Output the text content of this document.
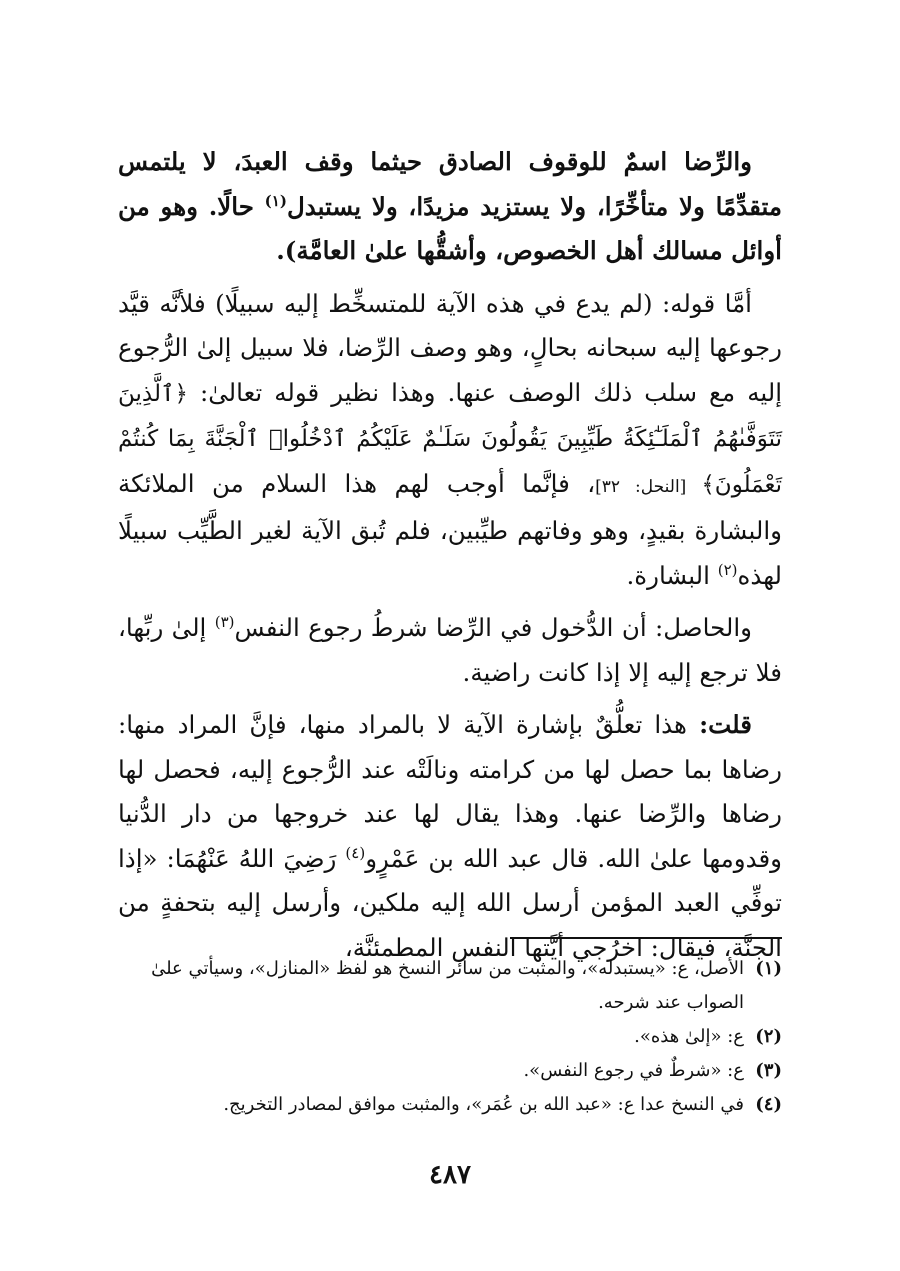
والرِّضا اسمٌ للوقوف الصادق حيثما وقف العبدَ، لا يلتمس متقدِّمًا ولا متأخِّرًا، ولا يستزيد مزيدًا، ولا يستبدل$^{(١)}$ حالًا. وهو من أوائل مسالك أهل الخصوص، وأشقُّها علىٰ العامَّة).

أمَّا قوله: (لم يدع في هذه الآية للمتسخِّط إليه سبيلًا) فلأنَّه قيَّد رجوعها إليه سبحانه بحالٍ، وهو وصف الرِّضا، فلا سبيل إلىٰ الرُّجوع إليه مع سلب ذلك الوصف عنها. وهذا نظير قوله تعالىٰ: ﴿ٱلَّذِينَ تَتَوَفَّىٰهُمُ ٱلْمَلَـٰٓئِكَةُ طَيِّبِينَ يَقُولُونَ سَلَـٰمٌ عَلَيْكُمُ ٱدْخُلُوا۟ ٱلْجَنَّةَ بِمَا كُنتُمْ تَعْمَلُونَ﴾ [النحل: ٣٢]، فإنَّما أوجب لهم هذا السلام من الملائكة والبشارة بقيدٍ، وهو وفاتهم طيِّبين، فلم تُبق الآية لغير الطَّيِّب سبيلًا لهذه$^{(٢)}$ البشارة.

والحاصل: أن الدُّخول في الرِّضا شرطُ رجوع النفس$^{(٣)}$ إلىٰ ربِّها، فلا ترجع إليه إلا إذا كانت راضية.

قلت: هذا تعلُّقٌ بإشارة الآية لا بالمراد منها، فإنَّ المراد منها: رضاها بما حصل لها من كرامته ونالَتْه عند الرُّجوع إليه، فحصل لها رضاها والرِّضا عنها. وهذا يقال لها عند خروجها من دار الدُّنيا وقدومها علىٰ الله. قال عبد الله بن عَمْرٍو$^{(٤)}$ رَضِيَ اللهُ عَنْهُمَا: «إذا توفِّي العبد المؤمن أرسل الله إليه ملكين، وأرسل إليه بتحفةٍ من الجنَّة، فيقال: اخرُجي أيَّتها النفس المطمئنَّة،

(١)
الأصل، ع: «يستبدله»، والمثبت من سائر النسخ هو لفظ «المنازل»، وسيأتي علىٰ الصواب عند شرحه.
(٢)
ع: «إلىٰ هذه».
(٣)
ع: «شرطٌ في رجوع النفس».
(٤)
في النسخ عدا ع: «عبد الله بن عُمَر»، والمثبت موافق لمصادر التخريج.
٤٨٧
